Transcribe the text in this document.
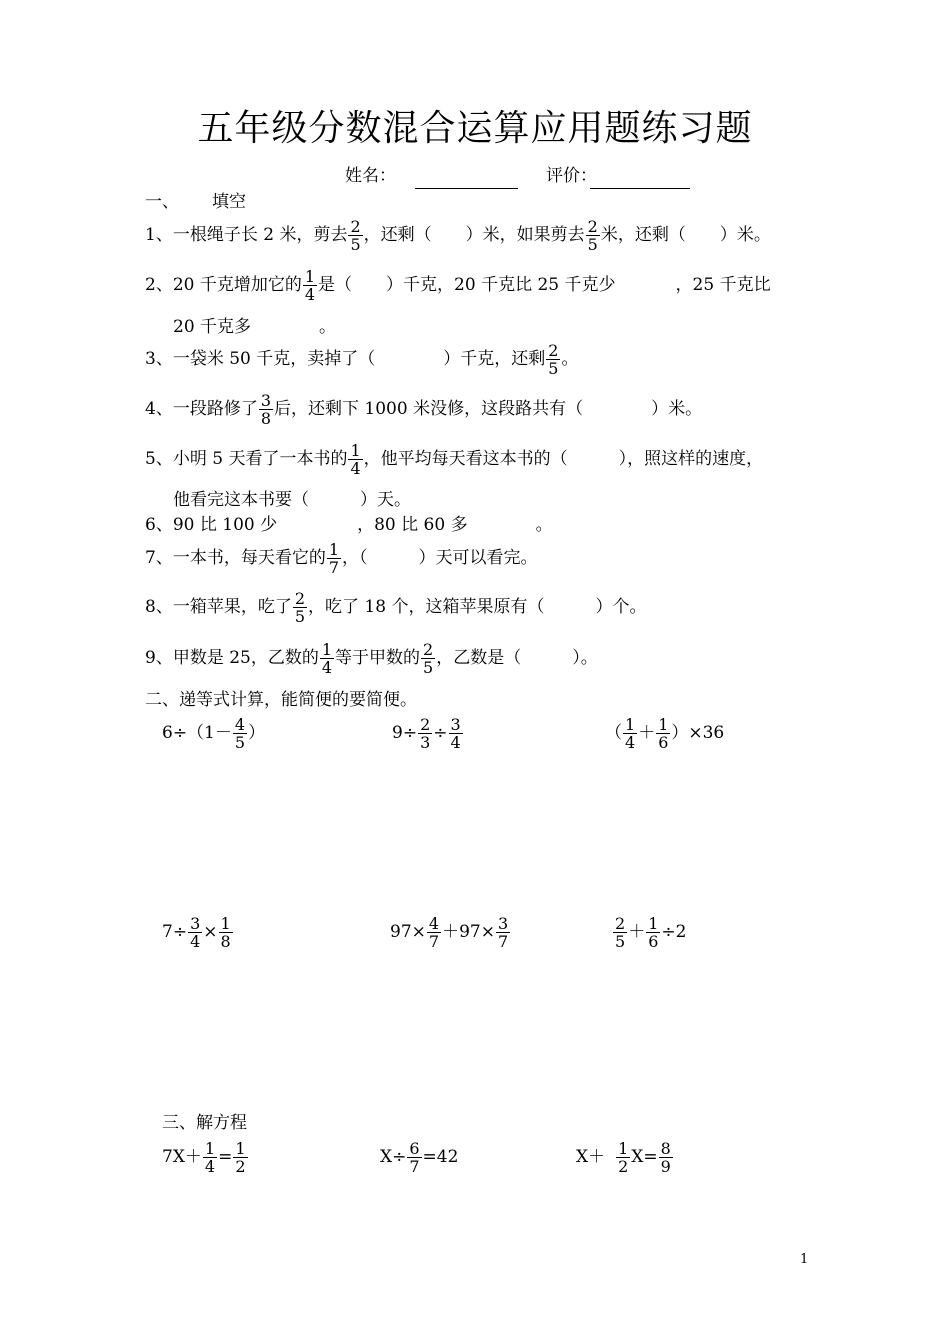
五年级分数混合运算应用题练习题
姓名：	评价：
一、 填空
1、一根绳子长 2 米，剪去 $\frac{2}{5}$ ，还剩（　　）米，如果剪去 $\frac{2}{5}$ 米，还剩（　　）米。
2、20 千克增加它的 $\frac{1}{4}$ 是（　　）千克，20 千克比 25 千克少	，25 千克比
20 千克多	。
3、一袋米 50 千克，卖掉了（　　　　）千克，还剩 $\frac{2}{5}$ 。
4、一段路修了 $\frac{3}{8}$ 后，还剩下 1000 米没修，这段路共有（　　　　）米。
5、小明 5 天看了一本书的 $\frac{1}{4}$ ，他平均每天看这本书的（　　　），照这样的速度，
他看完这本书要（　　　）天。
6、90 比 100 少	，80 比 60 多	。
7、一本书，每天看它的 $\frac{1}{7}$ ，（　　　）天可以看完。
8、一箱苹果，吃了 $\frac{2}{5}$ ，吃了 18 个，这箱苹果原有（　　　）个。
9、甲数是 25，乙数的 $\frac{1}{4}$ 等于甲数的 $\frac{2}{5}$ ，乙数是（　　　）。
二、递等式计算，能简便的要简便。
$6\div(1- \frac{4}{5}$ ）	$9\div \frac{2}{3} \div \frac{3}{4}$	（ $\frac{1}{4} + \frac{1}{6} )\times 36$
$7\div \frac{3}{4} \times \frac{1}{8}$	$97\times \frac{4}{7} +97\times \frac{3}{7}$	$\frac{2}{5} + \frac{1}{6} \div 2$
三、解方程
$7X+ \frac{1}{4} = \frac{1}{2}$	$X\div \frac{6}{7} =42$	$X+ \frac{1}{2} X= \frac{8}{9}$
1
